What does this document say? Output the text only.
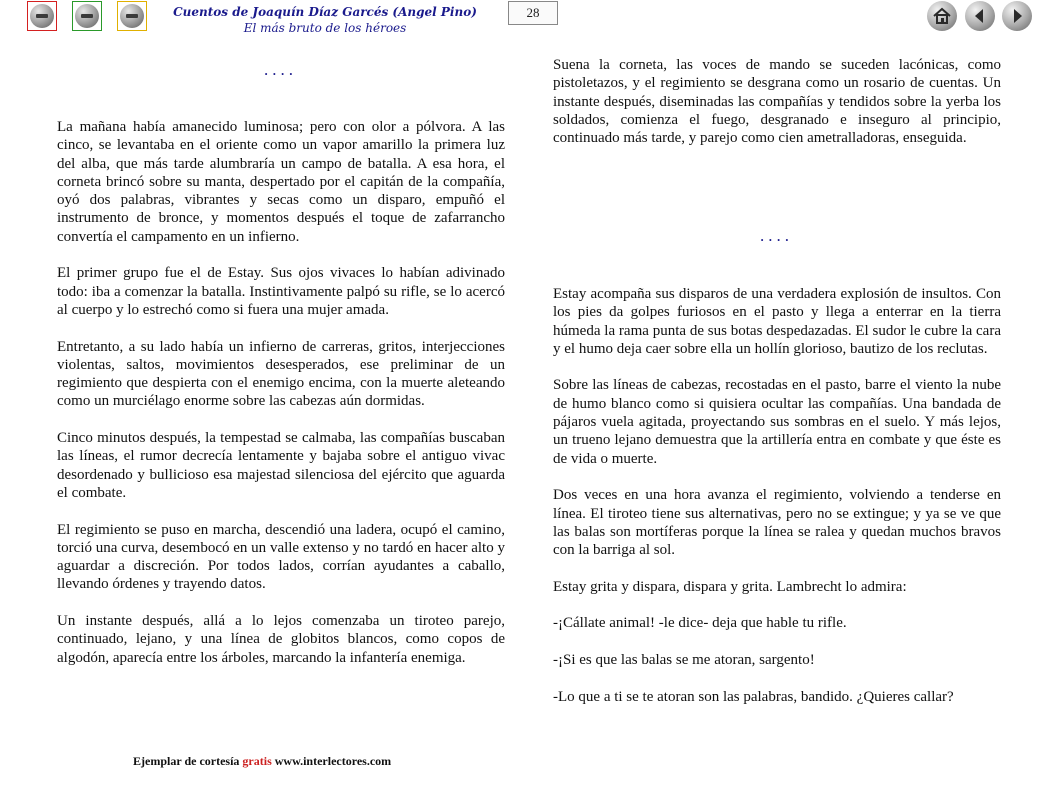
Cuentos de Joaquín Díaz Garcés (Angel Pino)
El más bruto de los héroes
28
....

La mañana había amanecido luminosa; pero con olor a pólvora. A las cinco, se levantaba en el oriente como un vapor amarillo la primera luz del alba, que más tarde alumbraría un campo de batalla. A esa hora, el corneta brincó sobre su manta, despertado por el capitán de la compañía, oyó dos palabras, vibrantes y secas como un disparo, empuñó el instrumento de bronce, y momentos después el toque de zafarrancho convertía el campamento en un infierno.

El primer grupo fue el de Estay. Sus ojos vivaces lo habían adivinado todo: iba a comenzar la batalla. Instintivamente palpó su rifle, se lo acercó al cuerpo y lo estrechó como si fuera una mujer amada.

Entretanto, a su lado había un infierno de carreras, gritos, interjecciones violentas, saltos, movimientos desesperados, ese preliminar de un regimiento que despierta con el enemigo encima, con la muerte aleteando como un murciélago enorme sobre las cabezas aún dormidas.

Cinco minutos después, la tempestad se calmaba, las compañías buscaban las líneas, el rumor decrecía lentamente y bajaba sobre el antiguo vivac desordenado y bullicioso esa majestad silenciosa del ejército que aguarda el combate.

El regimiento se puso en marcha, descendió una ladera, ocupó el camino, torció una curva, desembocó en un valle extenso y no tardó en hacer alto y aguardar a discreción. Por todos lados, corrían ayudantes a caballo, llevando órdenes y trayendo datos.

Un instante después, allá a lo lejos comenzaba un tiroteo parejo, continuado, lejano, y una línea de globitos blancos, como copos de algodón, aparecía entre los árboles, marcando la infantería enemiga.

Suena la corneta, las voces de mando se suceden lacónicas, como pistoletazos, y el regimiento se desgrana como un rosario de cuentas. Un instante después, diseminadas las compañías y tendidos sobre la yerba los soldados, comienza el fuego, desgranado e inseguro al principio, continuado más tarde, y parejo como cien ametralladoras, enseguida.

....

Estay acompaña sus disparos de una verdadera explosión de insultos. Con los pies da golpes furiosos en el pasto y llega a enterrar en la tierra húmeda la rama punta de sus botas despedazadas. El sudor le cubre la cara y el humo deja caer sobre ella un hollín glorioso, bautizo de los reclutas.

Sobre las líneas de cabezas, recostadas en el pasto, barre el viento la nube de humo blanco como si quisiera ocultar las compañías. Una bandada de pájaros vuela agitada, proyectando sus sombras en el suelo. Y más lejos, un trueno lejano demuestra que la artillería entra en combate y que éste es de vida o muerte.

Dos veces en una hora avanza el regimiento, volviendo a tenderse en línea. El tiroteo tiene sus alternativas, pero no se extingue; y ya se ve que las balas son mortíferas porque la línea se ralea y quedan muchos bravos con la barriga al sol.

Estay grita y dispara, dispara y grita. Lambrecht lo admira:

-¡Cállate animal! -le dice- deja que hable tu rifle.

-¡Si es que las balas se me atoran, sargento!

-Lo que a ti se te atoran son las palabras, bandido. ¿Quieres callar?

Ejemplar de cortesía gratis www.interlectores.com
